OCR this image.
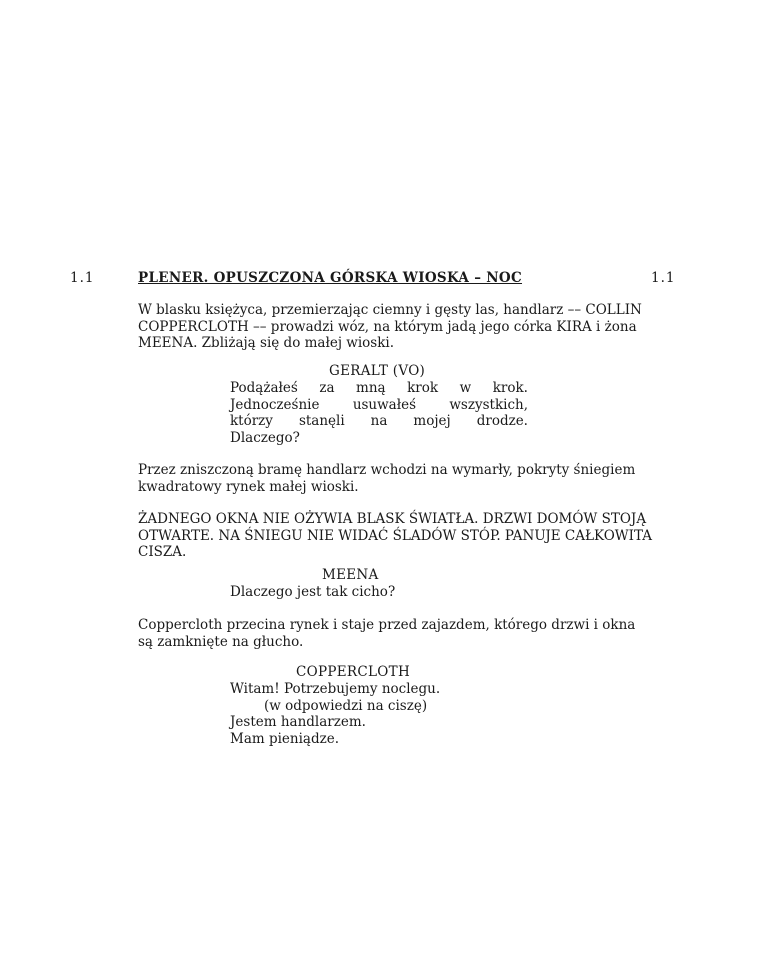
1.1	PLENER. OPUSZCZONA GÓRSKA WIOSKA – NOC	1.1

W blasku księżyca, przemierzając ciemny i gęsty las, handlarz –– COLLIN

COPPERCLOTH –– prowadzi wóz, na którym jadą jego córka KIRA i żona

MEENA. Zbliżają się do małej wioski.

GERALT (VO)
Podążałeś za mną krok w krok.
Jednocześnie usuwałeś wszystkich,
którzy stanęli na mojej drodze.
Dlaczego?

Przez zniszczoną bramę handlarz wchodzi na wymarły, pokryty śniegiem

kwadratowy rynek małej wioski.

ŻADNEGO OKNA NIE OŻYWIA BLASK ŚWIATŁA. DRZWI DOMÓW STOJĄ

OTWARTE. NA ŚNIEGU NIE WIDAĆ ŚLADÓW STÓP. PANUJE CAŁKOWITA

CISZA.

MEENA
Dlaczego jest tak cicho?

Coppercloth przecina rynek i staje przed zajazdem, którego drzwi i okna

są zamknięte na głucho.

COPPERCLOTH
Witam! Potrzebujemy noclegu.
(w odpowiedzi na ciszę)
Jestem handlarzem.
Mam pieniądze.
